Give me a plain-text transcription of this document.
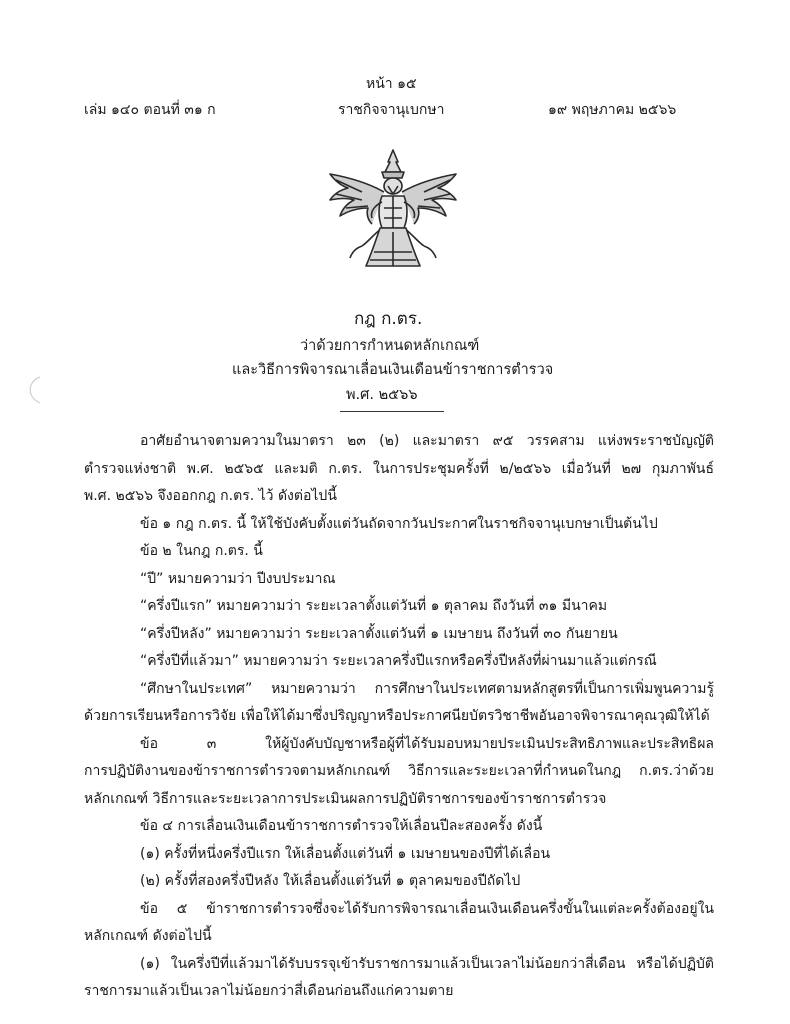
หน้า ๑๕
เล่ม ๑๔๐ ตอนที่ ๓๑ ก	ราชกิจจานุเบกษา	๑๙ พฤษภาคม ๒๕๖๖
กฎ ก.ตร.
ว่าด้วยการกำหนดหลักเกณฑ์
และวิธีการพิจารณาเลื่อนเงินเดือนข้าราชการตำรวจ
พ.ศ. ๒๕๖๖
อาศัยอำนาจตามความในมาตรา ๒๓ (๒) และมาตรา ๙๕ วรรคสาม แห่งพระราชบัญญัติ
ตำรวจแห่งชาติ พ.ศ. ๒๕๖๕ และมติ ก.ตร. ในการประชุมครั้งที่ ๒/๒๕๖๖ เมื่อวันที่ ๒๗ กุมภาพันธ์
พ.ศ. ๒๕๖๖ จึงออกกฎ ก.ตร. ไว้ ดังต่อไปนี้
ข้อ ๑ กฎ ก.ตร. นี้ ให้ใช้บังคับตั้งแต่วันถัดจากวันประกาศในราชกิจจานุเบกษาเป็นต้นไป
ข้อ ๒ ในกฎ ก.ตร. นี้
“ปี” หมายความว่า ปีงบประมาณ
“ครึ่งปีแรก” หมายความว่า ระยะเวลาตั้งแต่วันที่ ๑ ตุลาคม ถึงวันที่ ๓๑ มีนาคม
“ครึ่งปีหลัง” หมายความว่า ระยะเวลาตั้งแต่วันที่ ๑ เมษายน ถึงวันที่ ๓๐ กันยายน
“ครึ่งปีที่แล้วมา” หมายความว่า ระยะเวลาครึ่งปีแรกหรือครึ่งปีหลังที่ผ่านมาแล้วแต่กรณี
“ศึกษาในประเทศ” หมายความว่า การศึกษาในประเทศตามหลักสูตรที่เป็นการเพิ่มพูนความรู้
ด้วยการเรียนหรือการวิจัย เพื่อให้ได้มาซึ่งปริญญาหรือประกาศนียบัตรวิชาชีพอันอาจพิจารณาคุณวุฒิให้ได้
ข้อ ๓ ให้ผู้บังคับบัญชาหรือผู้ที่ได้รับมอบหมายประเมินประสิทธิภาพและประสิทธิผล
การปฏิบัติงานของข้าราชการตำรวจตามหลักเกณฑ์ วิธีการและระยะเวลาที่กำหนดในกฎ ก.ตร.ว่าด้วย
หลักเกณฑ์ วิธีการและระยะเวลาการประเมินผลการปฏิบัติราชการของข้าราชการตำรวจ
ข้อ ๔ การเลื่อนเงินเดือนข้าราชการตำรวจให้เลื่อนปีละสองครั้ง ดังนี้
(๑) ครั้งที่หนึ่งครึ่งปีแรก ให้เลื่อนตั้งแต่วันที่ ๑ เมษายนของปีที่ได้เลื่อน
(๒) ครั้งที่สองครึ่งปีหลัง ให้เลื่อนตั้งแต่วันที่ ๑ ตุลาคมของปีถัดไป
ข้อ ๕ ข้าราชการตำรวจซึ่งจะได้รับการพิจารณาเลื่อนเงินเดือนครึ่งขั้นในแต่ละครั้งต้องอยู่ใน
หลักเกณฑ์ ดังต่อไปนี้
(๑) ในครึ่งปีที่แล้วมาได้รับบรรจุเข้ารับราชการมาแล้วเป็นเวลาไม่น้อยกว่าสี่เดือน หรือได้ปฏิบัติ
ราชการมาแล้วเป็นเวลาไม่น้อยกว่าสี่เดือนก่อนถึงแก่ความตาย
